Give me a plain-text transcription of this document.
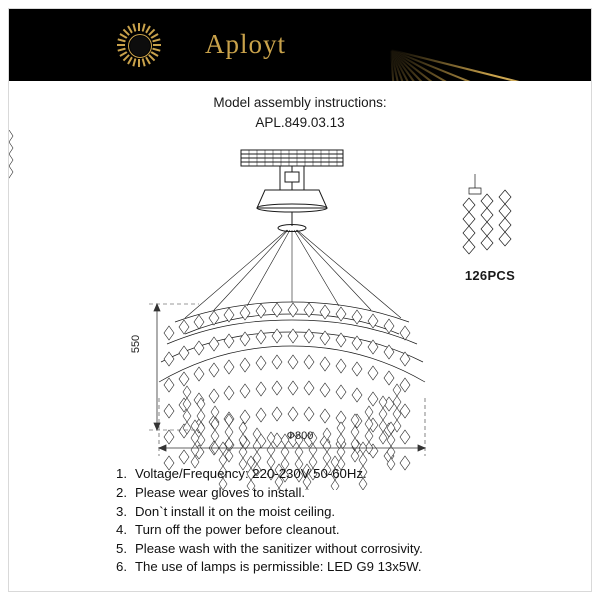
Aployt
Model assembly instructions:
APL.849.03.13
550
Ф800
126PCS
1. Voltage/Frequency: 220-230V 50-60Hz.
2. Please wear gloves to install.
3. Don`t install it on the moist ceiling.
4. Turn off the power before cleanout.
5. Please wash with the sanitizer without corrosivity.
6. The use of lamps is permissible: LED G9 13x5W.
